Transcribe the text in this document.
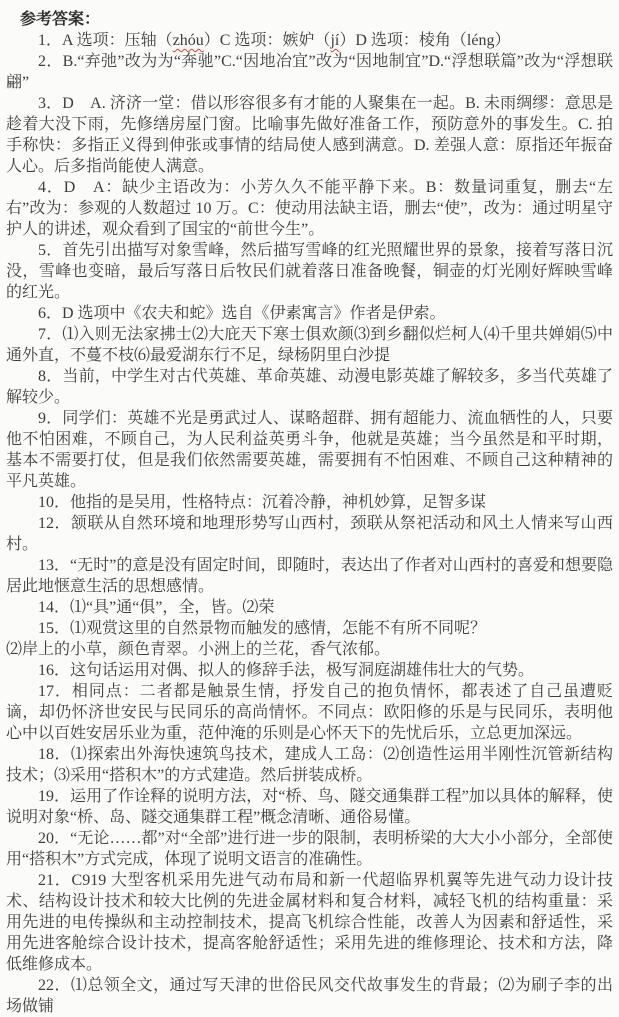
参考答案：

1．A 选项：压轴（zhóu）C 选项：嫉妒（jí）D 选项：棱角（léng）

2．B.“弃弛”改为为“奔驰”C.“因地冶宜”改为“因地制宜”D.“浮想联篇”改为“浮想联翩”

3．D　A. 济济一堂：借以形容很多有才能的人聚集在一起。B. 未雨绸缪：意思是趁着大没下雨，先修缮房屋门窗。比喻事先做好准备工作，预防意外的事发生。C. 拍手称快：多指正义得到伸张或事情的结局使人感到满意。D. 差强人意：原指还年振奋人心。后多指尚能使人满意。

4．D　A：缺少主语改为：小芳久久不能平静下来。B：数量词重复，删去“左右”改为：参观的人数超过 10 万。C：使动用法缺主语，删去“使”，改为：通过明星守护人的讲述，观众看到了国宝的“前世今生”。

5．首先引出描写对象雪峰，然后描写雪峰的红光照耀世界的景象，接着写落日沉没，雪峰也变暗，最后写落日后牧民们就着落日准备晚餐，铜壶的灯光刚好辉映雪峰的红光。

6．D 选项中《农夫和蛇》选自《伊素寓言》作者是伊索。

7．⑴入则无法家拂士⑵大庇天下寒士俱欢颜⑶到乡翻似烂柯人⑷千里共婵娟⑸中通外直，不蔓不枝⑹最爱湖东行不足，绿杨阴里白沙提

8．当前，中学生对古代英雄、革命英雄、动漫电影英雄了解较多，多当代英雄了解较少。

9．同学们：英雄不光是勇武过人、谋略超群、拥有超能力、流血牺性的人，只要他不怕困难，不顾自己，为人民利益英勇斗争，他就是英雄；当今虽然是和平时期，基本不需要打仗，但是我们依然需要英雄，需要拥有不怕困难、不顾自己这种精神的平凡英雄。

10．他指的是吴用，性格特点：沉着冷静，神机妙算，足智多谋

12．颔联从自然环境和地理形势写山西村，颈联从祭祀活动和风土人情来写山西村。

13．“无时”的意是没有固定时间，即随时，表达出了作者对山西村的喜爱和想要隐居此地惬意生活的思想感情。

14．⑴“具”通“俱”，全，皆。⑵荣

15．⑴观赏这里的自然景物而触发的感情，怎能不有所不同呢？

⑵岸上的小草，颜色青翠。小洲上的兰花，香气浓郁。

16．这句话运用对偶、拟人的修辞手法，极写洞庭湖雄伟壮大的气势。

17．相同点：二者都是触景生情，抒发自己的抱负情怀，都表述了自己虽遭贬谪，却仍怀济世安民与民同乐的高尚情怀。不同点：欧阳修的乐是与民同乐，表明他心中以百姓安居乐业为重，范仲淹的乐则是心怀天下的先忧后乐，立总更加深远。

18．⑴探索出外海快速筑鸟技术，建成人工岛：⑵创造性运用半刚性沉管新结构技术；⑶采用“搭积木”的方式建造。然后拼装成桥。

19．运用了作诠释的说明方法，对“桥、鸟、隧交通集群工程”加以具体的解释，使说明对象“桥、岛、隧交通集群工程”概念清晰、通俗易懂。

20．“无论……都”对“全部”进行进一步的限制，表明桥梁的大大小小部分，全部使用“搭积木”方式完成，体现了说明文语言的准确性。

21．C919 大型客机采用先进气动布局和新一代超临界机翼等先进气动力设计技术、结构设计技术和较大比例的先进金属材料和复合材料，减轻飞机的结构重量：采用先进的电传操纵和主动控制技术，提高飞机综合性能，改善人为因素和舒适性，采用先进客舱综合设计技术，提高客舱舒适性；采用先进的维修理论、技术和方法，降低维修成本。

22．⑴总领全文，通过写天津的世俗民风交代故事发生的背最；⑵为刷子李的出场做铺
